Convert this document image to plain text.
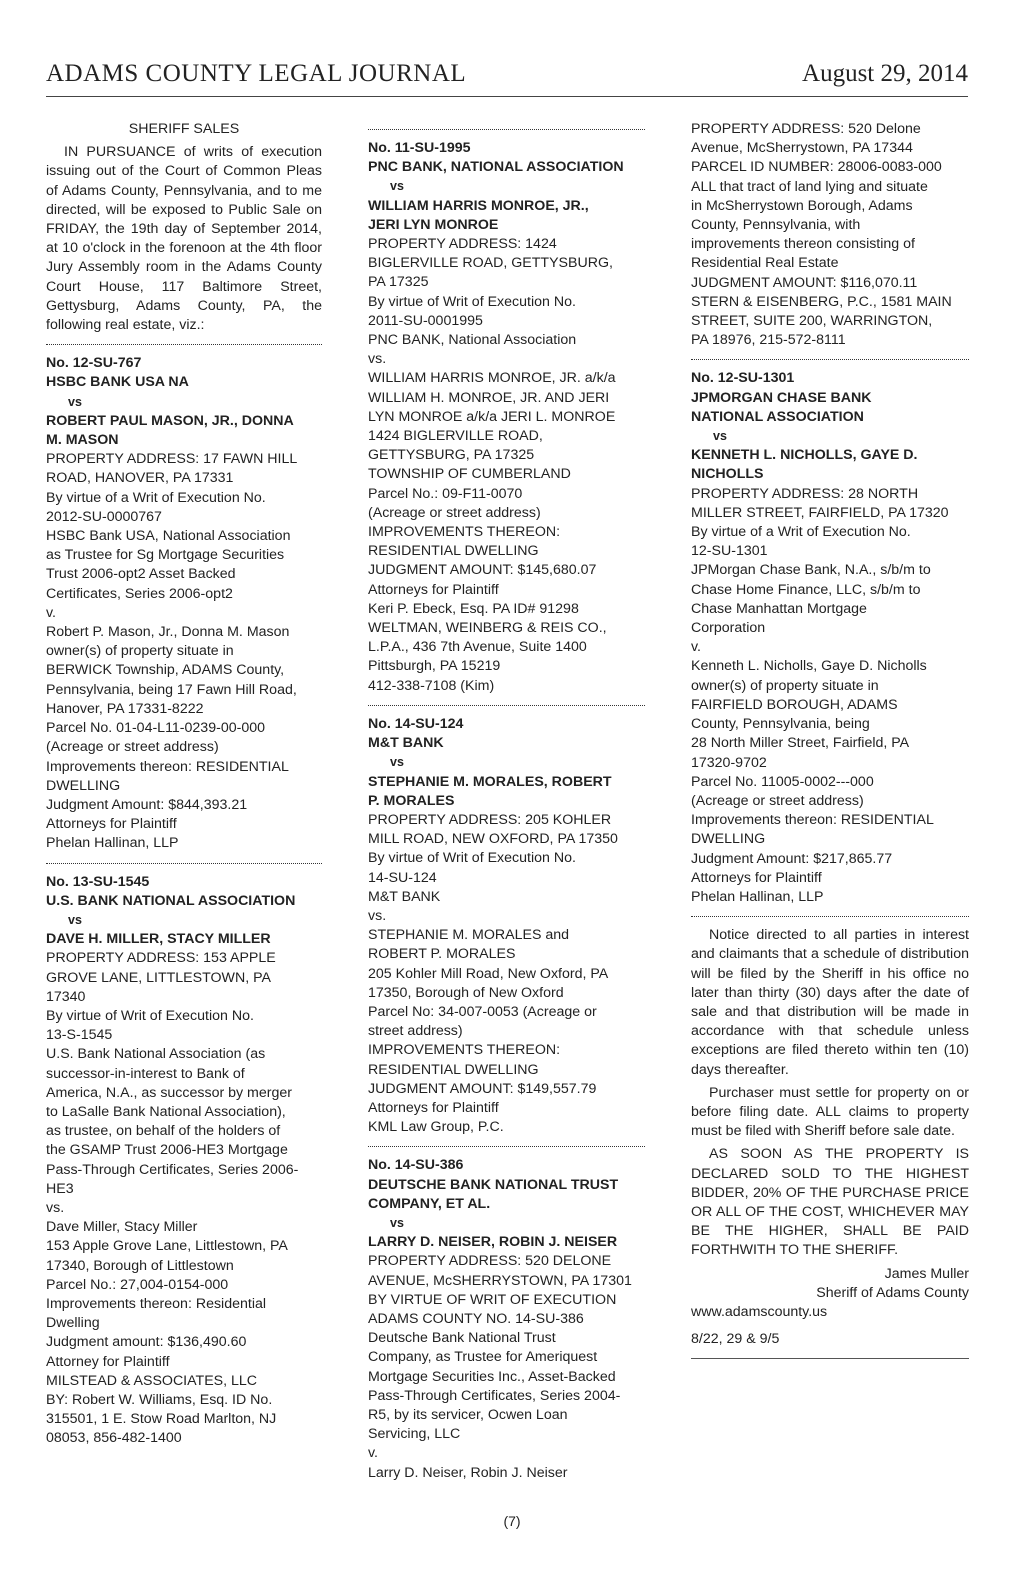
ADAMS COUNTY LEGAL JOURNAL	August 29, 2014
SHERIFF SALES
IN PURSUANCE of writs of execution issuing out of the Court of Common Pleas of Adams County, Pennsylvania, and to me directed, will be exposed to Public Sale on FRIDAY, the 19th day of September 2014, at 10 o'clock in the forenoon at the 4th floor Jury Assembly room in the Adams County Court House, 117 Baltimore Street, Gettysburg, Adams County, PA, the following real estate, viz.:
No. 12-SU-767
HSBC BANK USA NA
vs
ROBERT PAUL MASON, JR., DONNA
M. MASON
PROPERTY ADDRESS: 17 FAWN HILL
ROAD, HANOVER, PA 17331
By virtue of a Writ of Execution No.
2012-SU-0000767
HSBC Bank USA, National Association
as Trustee for Sg Mortgage Securities
Trust 2006-opt2 Asset Backed
Certificates, Series 2006-opt2
v.
Robert P. Mason, Jr., Donna M. Mason
owner(s) of property situate in
BERWICK Township, ADAMS County,
Pennsylvania, being 17 Fawn Hill Road,
Hanover, PA 17331-8222
Parcel No. 01-04-L11-0239-00-000
(Acreage or street address)
Improvements thereon: RESIDENTIAL
DWELLING
Judgment Amount: $844,393.21
Attorneys for Plaintiff
Phelan Hallinan, LLP
No. 13-SU-1545
U.S. BANK NATIONAL ASSOCIATION
vs
DAVE H. MILLER, STACY MILLER
PROPERTY ADDRESS: 153 APPLE
GROVE LANE, LITTLESTOWN, PA
17340
By virtue of Writ of Execution No.
13-S-1545
U.S. Bank National Association (as
successor-in-interest to Bank of
America, N.A., as successor by merger
to LaSalle Bank National Association),
as trustee, on behalf of the holders of
the GSAMP Trust 2006-HE3 Mortgage
Pass-Through Certificates, Series 2006-
HE3
vs.
Dave Miller, Stacy Miller
153 Apple Grove Lane, Littlestown, PA
17340, Borough of Littlestown
Parcel No.: 27,004-0154-000
Improvements thereon: Residential
Dwelling
Judgment amount: $136,490.60
Attorney for Plaintiff
MILSTEAD & ASSOCIATES, LLC
BY: Robert W. Williams, Esq. ID No.
315501, 1 E. Stow Road Marlton, NJ
08053, 856-482-1400
No. 11-SU-1995
PNC BANK, NATIONAL ASSOCIATION
vs
WILLIAM HARRIS MONROE, JR.,
JERI LYN MONROE
PROPERTY ADDRESS: 1424
BIGLERVILLE ROAD, GETTYSBURG,
PA 17325
By virtue of Writ of Execution No.
2011-SU-0001995
PNC BANK, National Association
vs.
WILLIAM HARRIS MONROE, JR. a/k/a
WILLIAM H. MONROE, JR. AND JERI
LYN MONROE a/k/a JERI L. MONROE
1424 BIGLERVILLE ROAD,
GETTYSBURG, PA 17325
TOWNSHIP OF CUMBERLAND
Parcel No.: 09-F11-0070
(Acreage or street address)
IMPROVEMENTS THEREON:
RESIDENTIAL DWELLING
JUDGMENT AMOUNT: $145,680.07
Attorneys for Plaintiff
Keri P. Ebeck, Esq. PA ID# 91298
WELTMAN, WEINBERG & REIS CO.,
L.P.A., 436 7th Avenue, Suite 1400
Pittsburgh, PA 15219
412-338-7108 (Kim)
No. 14-SU-124
M&T BANK
vs
STEPHANIE M. MORALES, ROBERT
P. MORALES
PROPERTY ADDRESS: 205 KOHLER
MILL ROAD, NEW OXFORD, PA 17350
By virtue of Writ of Execution No.
14-SU-124
M&T BANK
vs.
STEPHANIE M. MORALES and
ROBERT P. MORALES
205 Kohler Mill Road, New Oxford, PA
17350, Borough of New Oxford
Parcel No: 34-007-0053 (Acreage or
street address)
IMPROVEMENTS THEREON:
RESIDENTIAL DWELLING
JUDGMENT AMOUNT: $149,557.79
Attorneys for Plaintiff
KML Law Group, P.C.
No. 14-SU-386
DEUTSCHE BANK NATIONAL TRUST
COMPANY, ET AL.
vs
LARRY D. NEISER, ROBIN J. NEISER
PROPERTY ADDRESS: 520 DELONE
AVENUE, McSHERRYSTOWN, PA 17301
BY VIRTUE OF WRIT OF EXECUTION
ADAMS COUNTY NO. 14-SU-386
Deutsche Bank National Trust
Company, as Trustee for Ameriquest
Mortgage Securities Inc., Asset-Backed
Pass-Through Certificates, Series 2004-
R5, by its servicer, Ocwen Loan
Servicing, LLC
v.
Larry D. Neiser, Robin J. Neiser
PROPERTY ADDRESS: 520 Delone
Avenue, McSherrystown, PA 17344
PARCEL ID NUMBER: 28006-0083-000
ALL that tract of land lying and situate
in McSherrystown Borough, Adams
County, Pennsylvania, with
improvements thereon consisting of
Residential Real Estate
JUDGMENT AMOUNT: $116,070.11
STERN & EISENBERG, P.C., 1581 MAIN
STREET, SUITE 200, WARRINGTON,
PA 18976, 215-572-8111
No. 12-SU-1301
JPMORGAN CHASE BANK
NATIONAL ASSOCIATION
vs
KENNETH L. NICHOLLS, GAYE D.
NICHOLLS
PROPERTY ADDRESS: 28 NORTH
MILLER STREET, FAIRFIELD, PA 17320
By virtue of a Writ of Execution No.
12-SU-1301
JPMorgan Chase Bank, N.A., s/b/m to
Chase Home Finance, LLC, s/b/m to
Chase Manhattan Mortgage
Corporation
v.
Kenneth L. Nicholls, Gaye D. Nicholls
owner(s) of property situate in
FAIRFIELD BOROUGH, ADAMS
County, Pennsylvania, being
28 North Miller Street, Fairfield, PA
17320-9702
Parcel No. 11005-0002---000
(Acreage or street address)
Improvements thereon: RESIDENTIAL
DWELLING
Judgment Amount: $217,865.77
Attorneys for Plaintiff
Phelan Hallinan, LLP
Notice directed to all parties in interest and claimants that a schedule of distribution will be filed by the Sheriff in his office no later than thirty (30) days after the date of sale and that distribution will be made in accordance with that schedule unless exceptions are filed thereto within ten (10) days thereafter.
Purchaser must settle for property on or before filing date. ALL claims to property must be filed with Sheriff before sale date.
AS SOON AS THE PROPERTY IS DECLARED SOLD TO THE HIGHEST BIDDER, 20% OF THE PURCHASE PRICE OR ALL OF THE COST, WHICHEVER MAY BE THE HIGHER, SHALL BE PAID FORTHWITH TO THE SHERIFF.
James Muller
Sheriff of Adams County
www.adamscounty.us
8/22, 29 & 9/5
(7)
